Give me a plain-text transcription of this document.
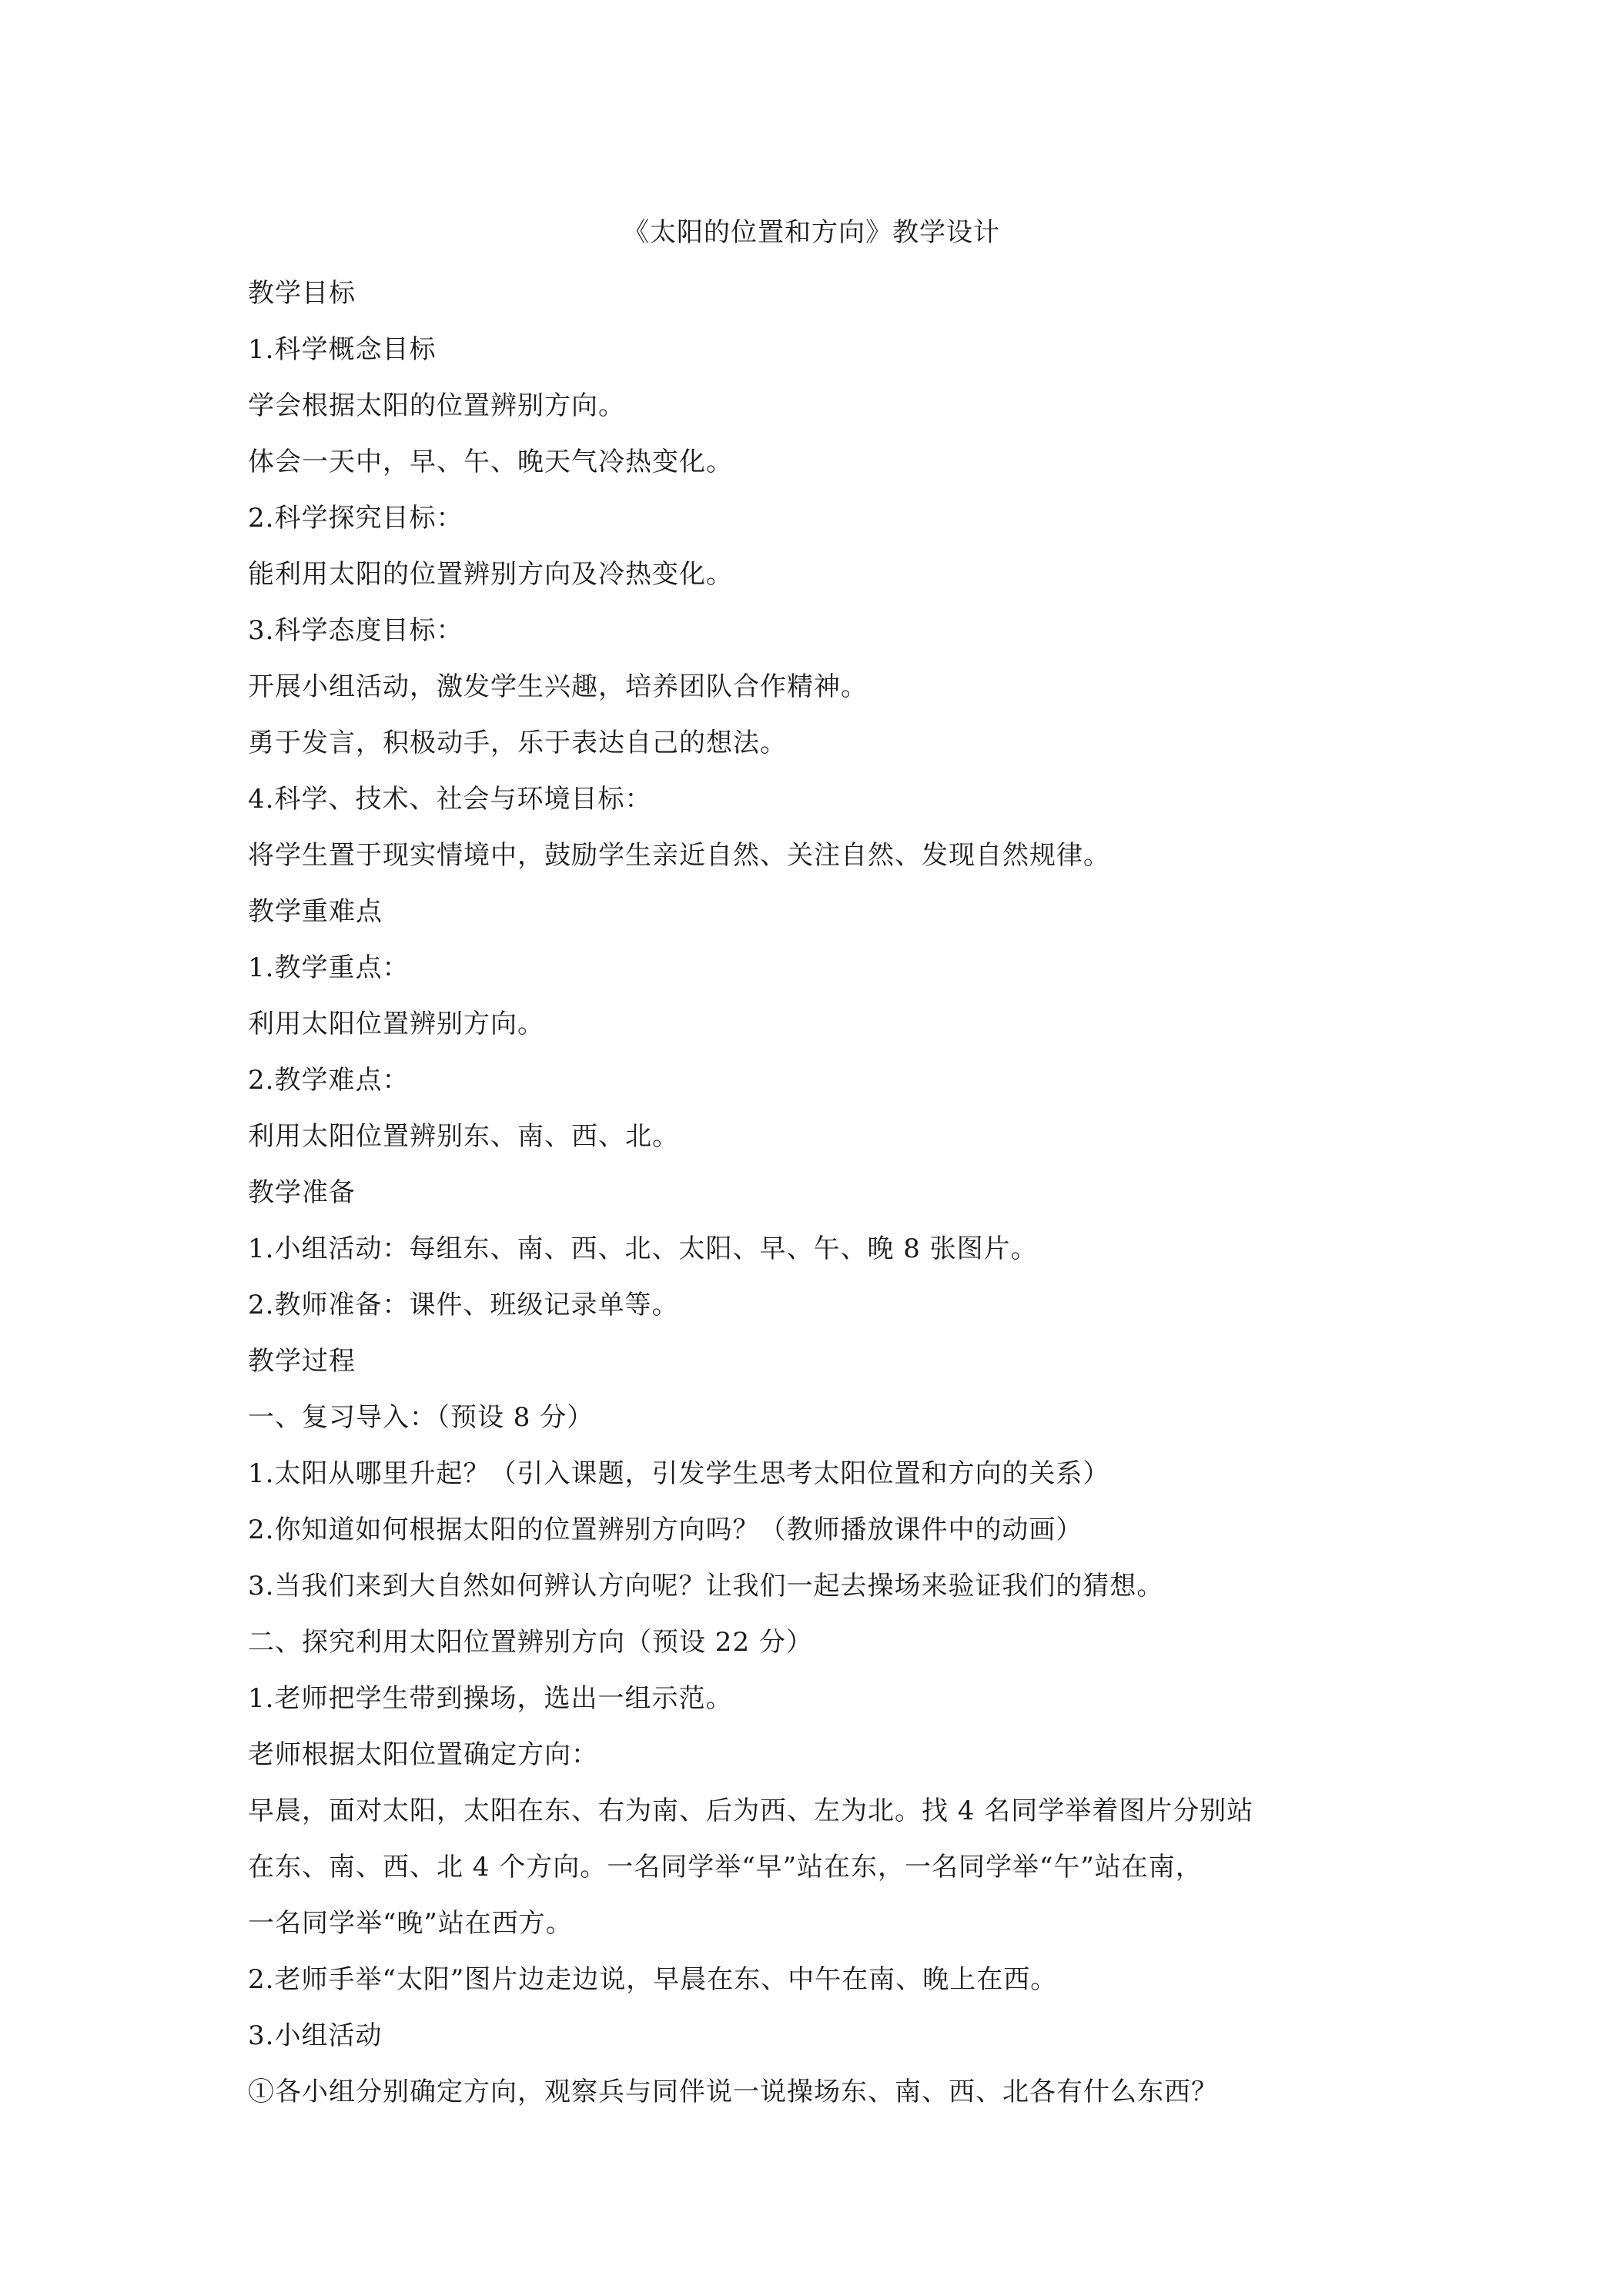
《太阳的位置和方向》教学设计
教学目标
1.科学概念目标
学会根据太阳的位置辨别方向。
体会一天中，早、午、晚天气冷热变化。
2.科学探究目标：
能利用太阳的位置辨别方向及冷热变化。
3.科学态度目标：
开展小组活动，激发学生兴趣，培养团队合作精神。
勇于发言，积极动手，乐于表达自己的想法。
4.科学、技术、社会与环境目标：
将学生置于现实情境中，鼓励学生亲近自然、关注自然、发现自然规律。
教学重难点
1.教学重点：
利用太阳位置辨别方向。
2.教学难点：
利用太阳位置辨别东、南、西、北。
教学准备
1.小组活动：每组东、南、西、北、太阳、早、午、晚 8 张图片。
2.教师准备：课件、班级记录单等。
教学过程
一、复习导入：（预设 8 分）
1.太阳从哪里升起？（引入课题，引发学生思考太阳位置和方向的关系）
2.你知道如何根据太阳的位置辨别方向吗？（教师播放课件中的动画）
3.当我们来到大自然如何辨认方向呢？让我们一起去操场来验证我们的猜想。
二、探究利用太阳位置辨别方向（预设 22 分）
1.老师把学生带到操场，选出一组示范。
老师根据太阳位置确定方向：
早晨，面对太阳，太阳在东、右为南、后为西、左为北。找 4 名同学举着图片分别站
在东、南、西、北 4 个方向。一名同学举“早”站在东，一名同学举“午”站在南，
一名同学举“晚”站在西方。
2.老师手举“太阳”图片边走边说，早晨在东、中午在南、晚上在西。
3.小组活动
①各小组分别确定方向，观察兵与同伴说一说操场东、南、西、北各有什么东西？
